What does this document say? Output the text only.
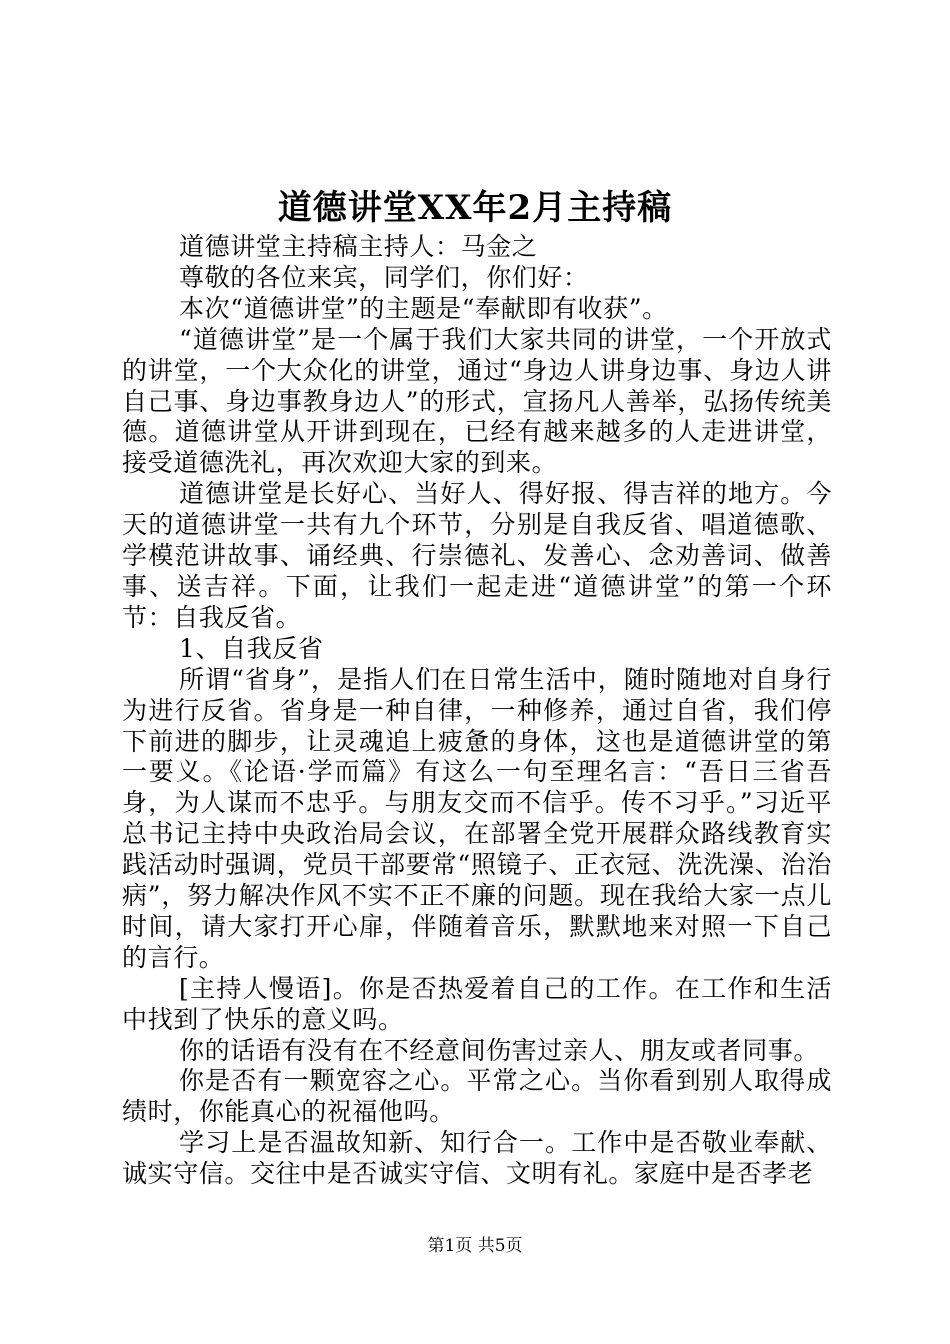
道德讲堂XX年2月主持稿

道德讲堂主持稿主持人：马金之

尊敬的各位来宾，同学们，你们好：

本次“道德讲堂”的主题是“奉献即有收获”。

“道德讲堂”是一个属于我们大家共同的讲堂，一个开放式的讲堂，一个大众化的讲堂，通过“身边人讲身边事、身边人讲自己事、身边事教身边人”的形式，宣扬凡人善举，弘扬传统美德。道德讲堂从开讲到现在，已经有越来越多的人走进讲堂，接受道德洗礼，再次欢迎大家的到来。

道德讲堂是长好心、当好人、得好报、得吉祥的地方。今天的道德讲堂一共有九个环节，分别是自我反省、唱道德歌、学模范讲故事、诵经典、行崇德礼、发善心、念劝善词、做善事、送吉祥。下面，让我们一起走进“道德讲堂”的第一个环节：自我反省。

1、自我反省

所谓“省身”，是指人们在日常生活中，随时随地对自身行为进行反省。省身是一种自律，一种修养，通过自省，我们停下前进的脚步，让灵魂追上疲惫的身体，这也是道德讲堂的第一要义。《论语·学而篇》有这么一句至理名言：“吾日三省吾身，为人谋而不忠乎。与朋友交而不信乎。传不习乎。”习近平总书记主持中央政治局会议，在部署全党开展群众路线教育实践活动时强调，党员干部要常“照镜子、正衣冠、洗洗澡、治治病”，努力解决作风不实不正不廉的问题。现在我给大家一点儿时间，请大家打开心扉，伴随着音乐，默默地来对照一下自己的言行。

[主持人慢语]。你是否热爱着自己的工作。在工作和生活中找到了快乐的意义吗。

你的话语有没有在不经意间伤害过亲人、朋友或者同事。

你是否有一颗宽容之心。平常之心。当你看到别人取得成绩时，你能真心的祝福他吗。

学习上是否温故知新、知行合一。工作中是否敬业奉献、诚实守信。交往中是否诚实守信、文明有礼。家庭中是否孝老

第1页 共5页
